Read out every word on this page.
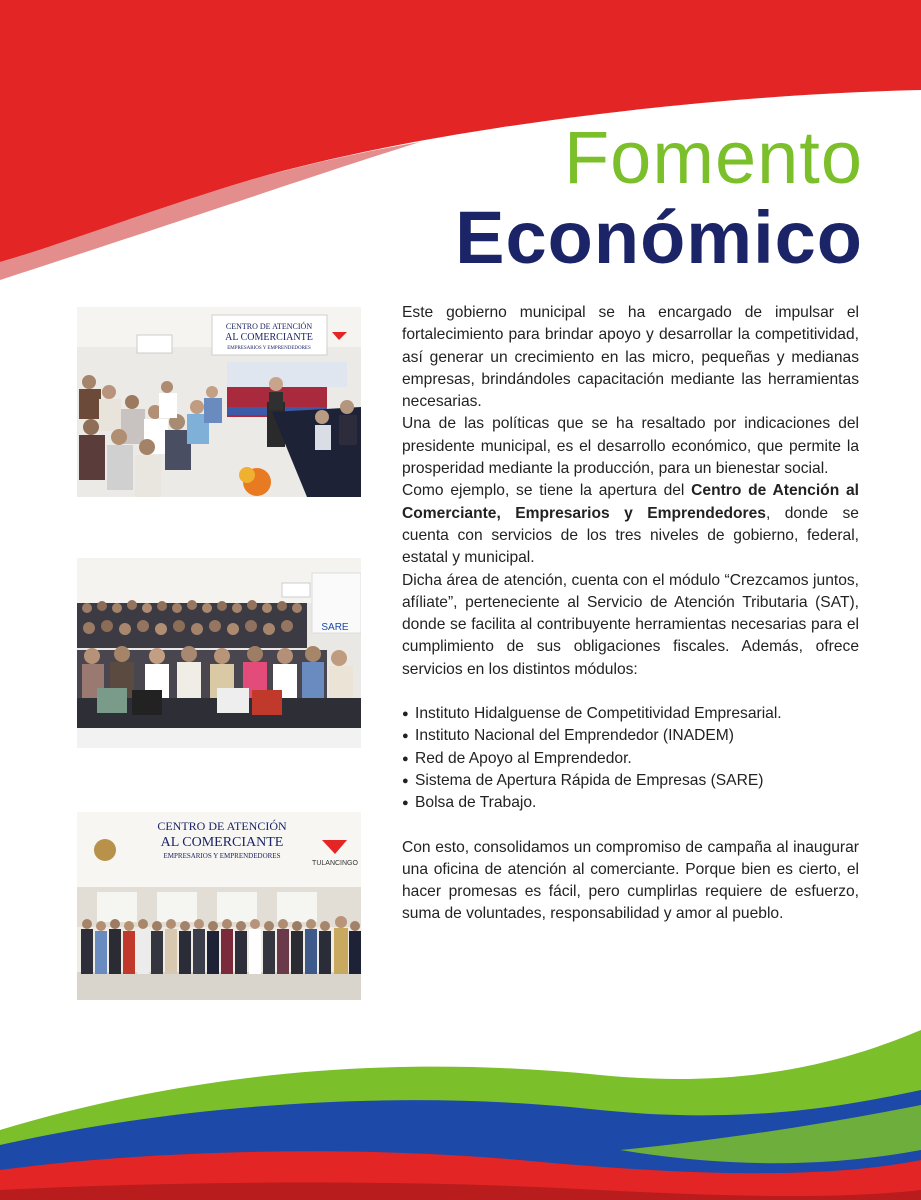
Fomento
Económico
CENTRO DE ATENCIÓN
AL COMERCIANTE
EMPRESARIOS Y EMPRENDEDORES
SARE
CENTRO DE ATENCIÓN
AL COMERCIANTE
EMPRESARIOS Y EMPRENDEDORES
TULANCINGO

Este gobierno municipal se ha encargado de impulsar el fortalecimiento para brindar apoyo y desarrollar la competitividad, así generar un crecimiento en las micro, pequeñas y medianas empresas, brindándoles capacitación mediante las herramientas necesarias.

Una de las políticas que se ha resaltado por indicaciones del presidente municipal, es el desarrollo económico, que permite la prosperidad mediante la producción, para un bienestar social.

Como ejemplo, se tiene la apertura del Centro de Atención al Comerciante, Empresarios y Emprendedores, donde se cuenta con servicios de los tres niveles de gobierno, federal, estatal y municipal.

Dicha área de atención, cuenta con el módulo “Crezcamos juntos, afíliate”, perteneciente al Servicio de Atención Tributaria (SAT), donde se facilita al contribuyente herramientas necesarias para el cumplimiento de sus obligaciones fiscales. Además, ofrece servicios en los distintos módulos:

● Instituto Hidalguense de Competitividad Empresarial.
● Instituto Nacional del Emprendedor (INADEM)
● Red de Apoyo al Emprendedor.
● Sistema de Apertura Rápida de Empresas (SARE)
● Bolsa de Trabajo.

Con esto, consolidamos un compromiso de campaña al inaugurar una oficina de atención al comerciante. Porque bien es cierto, el hacer promesas es fácil, pero cumplirlas requiere de esfuerzo, suma de voluntades, responsabilidad y amor al pueblo.
